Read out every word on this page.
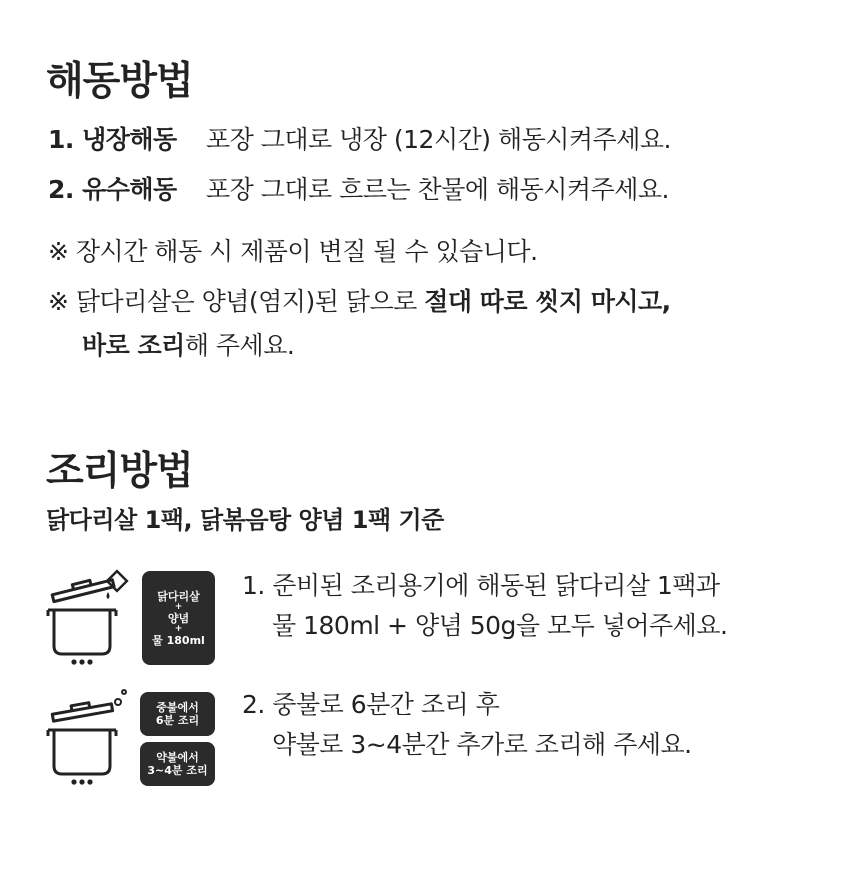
해동방법
1. 냉장해동 포장 그대로 냉장 (12시간) 해동시켜주세요.
2. 유수해동 포장 그대로 흐르는 찬물에 해동시켜주세요.
※ 장시간 해동 시 제품이 변질 될 수 있습니다.
※ 닭다리살은 양념(염지)된 닭으로 절대 따로 씻지 마시고,
바로 조리해 주세요.
조리방법
닭다리살 1팩, 닭볶음탕 양념 1팩 기준
닭다리살
+
양념
+
물 180ml
1. 준비된 조리용기에 해동된 닭다리살 1팩과
물 180ml + 양념 50g을 모두 넣어주세요.
중불에서
6분 조리
약불에서
3~4분 조리
2. 중불로 6분간 조리 후
약불로 3~4분간 추가로 조리해 주세요.
